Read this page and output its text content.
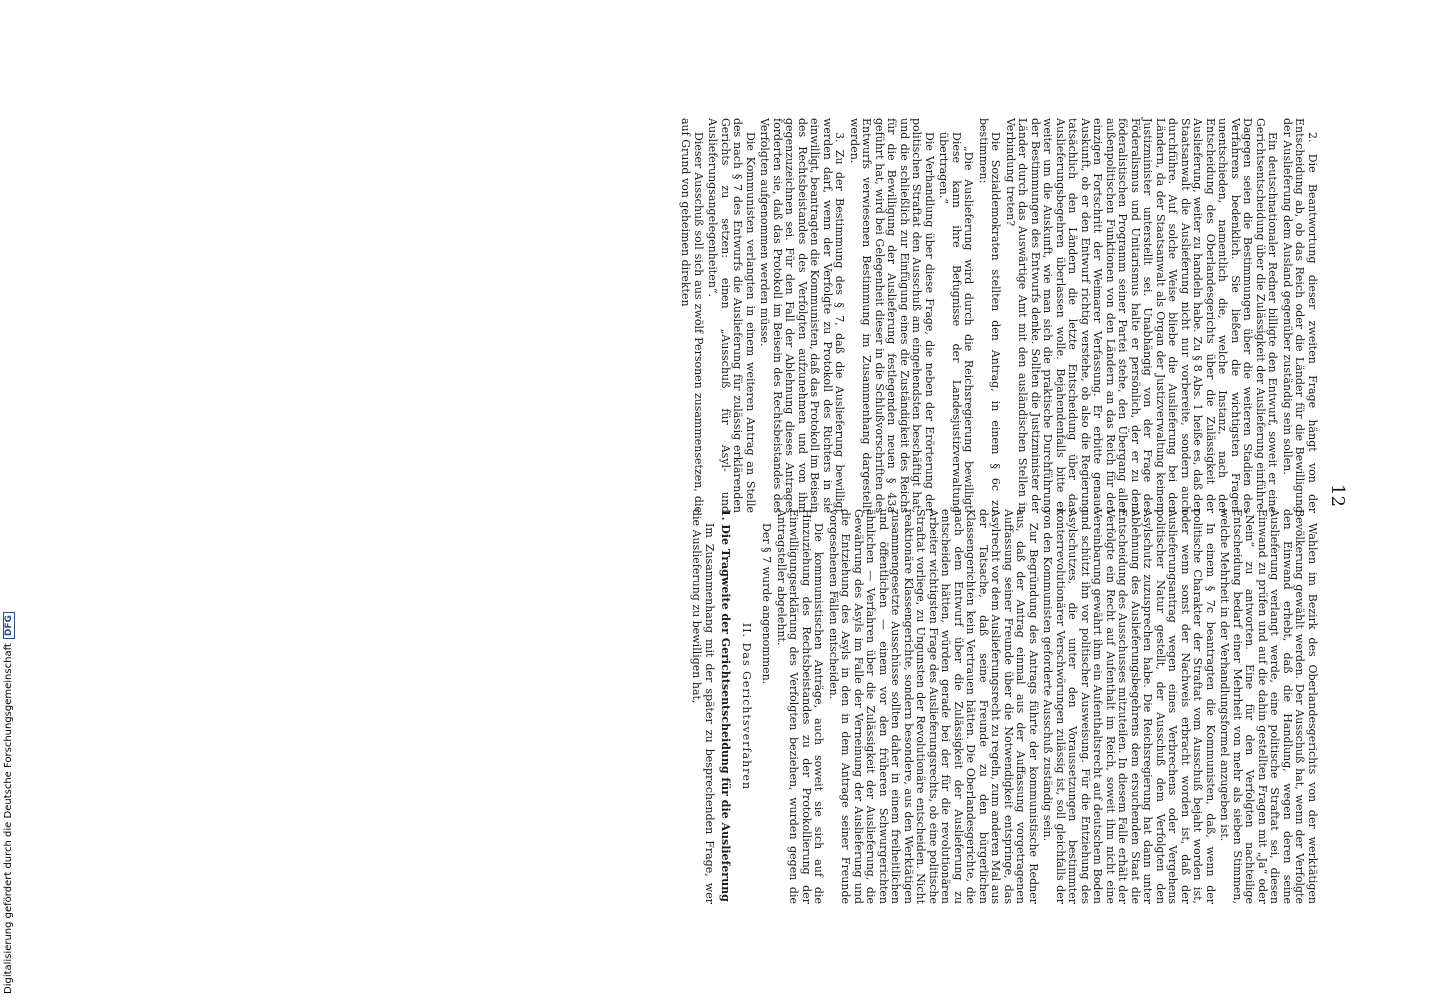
12

2. Die Beantwortung dieser zweiten Frage hängt von der Entscheidung ab, ob das Reich oder die Länder für die Bewilligung der Auslieferung dem Ausland gegenüber zuständig sein sollen.

Ein deutschnationaler Redner billigte den Entwurf, soweit er eine Gerichtsentscheidung über die Zulässigkeit der Auslieferung einführe. Dagegen seien die Bestimmungen über die weiteren Stadien des Verfahrens bedenklich. Sie ließen die wichtigsten Fragen unentschieden, namentlich die, welche Instanz, nach der Entscheidung des Oberlandesgerichts über die Zulässigkeit der Auslieferung, weiter zu handeln habe. Zu § 8 Abs. 1 heiße es, daß der Staatsanwalt die Auslieferung nicht nur vorbereite, sondern auch durchführe. Auf solche Weise bliebe die Auslieferung bei den Ländern, da der Staatsanwalt als Organ der Justizverwaltung keinem Justizminister unterstellt sei. Unabhängig von der Frage des Föderalismus und Unitarismus halte er persönlich, der er zu dem föderalistischen Programm seiner Partei stehe, den Übergang aller außenpolitischen Funktionen von den Ländern an das Reich für den einzigen Fortschritt der Weimarer Verfassung. Er erbitte genaue Auskunft, ob er den Entwurf richtig verstehe, ob also die Regierung tatsächlich den Ländern die letzte Entscheidung über das Auslieferungsbegehren überlassen wolle. Bejahendenfalls bitte er weiter um die Auskunft, wie man sich die praktische Durchführung der Bestimmungen des Entwurfs denke. Sollten die Justizminister der Länder durch das Auswärtige Amt mit den ausländischen Stellen in Verbindung treten?

Die Sozialdemokraten stellten den Antrag, in einem § 6c zu bestimmen:

„Die Auslieferung wird durch die Reichsregierung bewilligt. Diese kann ihre Befugnisse der Landesjustizverwaltung übertragen.“

Die Verhandlung über diese Frage, die neben der Erörterung der politischen Straftat den Ausschuß am eingehendsten beschäftigt hat, und die schließlich zur Einfügung eines die Zuständigkeit des Reichs für die Bewilligung der Auslieferung festlegenden neuen § 43a geführt hat, wird bei Gelegenheit dieser in die Schlußvorschriften des Entwurfs verwiesenen Bestimmung im Zusammenhang dargestellt werden.

3. Zu der Bestimmung des § 7, daß die Auslieferung bewilligt werden darf, wenn der Verfolgte zu Protokoll des Richters in sie einwilligt, beantragten die Kommunisten, daß das Protokoll im Beisein des Rechtsbeistandes des Verfolgten aufzunehmen und von ihm gegenzuzeichnen sei. Für den Fall der Ablehnung dieses Antrages forderten sie, daß das Protokoll im Beisein des Rechtsbeistandes des Verfolgten aufgenommen werden müsse.

Die Kommunisten verlangten in einem weiteren Antrag an Stelle des nach § 7 des Entwurfs die Auslieferung für zulässig erklärenden Gerichts zu setzen: einen „Ausschuß für Asyl- und Auslieferungsangelegenheiten“.

Dieser Ausschuß soll sich aus zwölf Personen zusammensetzen, die auf Grund von geheimen direkten

Wahlen im Bezirk des Oberlandesgerichts von der werktätigen Bevölkerung gewählt werden. Der Ausschuß hat, wenn der Verfolgte den Einwand erhebt, daß die Handlung, wegen deren seine Auslieferung verlangt werde, eine politische Straftat sei, diesen Einwand zu prüfen und auf die dahin gestellten Fragen mit „Ja“ oder „Nein“ zu antworten. Eine für den Verfolgten nachteilige Entscheidung bedarf einer Mehrheit von mehr als sieben Stimmen, welche Mehrheit in der Verhandlungsformel anzugeben ist.

In einem § 7c beantragten die Kommunisten, daß, wenn der politische Charakter der Straftat vom Ausschuß bejaht worden ist, oder wenn sonst der Nachweis erbracht worden ist, daß der Auslieferungsantrag wegen eines Verbrechens oder Vergehens politischer Natur gestellt, der Ausschuß dem Verfolgten den Asylschutz zuzusprechen habe. Die Reichsregierung hat dann unter Ablehnung des Auslieferungsbegehrens dem ersuchenden Staat die Entscheidung des Ausschusses mitzuteilen. In diesem Falle erhält der Verfolgte ein Recht auf Aufenthalt im Reich, soweit ihm nicht eine Vereinbarung gewährt ihm ein Aufenthaltsrecht auf deutschem Boden und schützt ihn vor politischer Ausweisung. Für die Entziehung des Asylschutzes, die unter den Voraussetzungen bestimmter konterrevolutionärer Verschwörungen zulässig ist, soll gleichfalls der von den Kommunisten geforderte Ausschuß zuständig sein.

Zur Begründung des Antrags führte der kommunistische Redner aus, daß der Antrag einmal aus der Auffassung vorgetragenen Auffassung seiner Freunde über die Notwendigkeit entspringe, das Asylrecht vor dem Auslieferungsrecht zu regeln, zum anderen Mal aus der Tatsache, daß seine Freunde zu den bürgerlichen Klassengerichten kein Vertrauen hätten. Die Oberlandesgerichte, die nach dem Entwurf über die Zulässigkeit der Auslieferung zu entscheiden hätten, würden gerade bei der für die revolutionären Arbeiter wichtigsten Frage des Auslieferungsrechts, ob eine politische Straftat vorliege, zu Ungunsten der Revolutionäre entscheiden. Nicht reaktionäre Klassengerichte, sondern besondere, aus den Werktätigen zusammengesetzte Ausschüsse sollten daher in einem freiheitlichen und öffentlichen — einem vor den früheren Schwurgerichten ähnlichen — Verfahren über die Zulässigkeit der Auslieferung, die Gewährung des Asyls im Falle der Verneinung der Auslieferung und die Entziehung des Asyls in den in dem Antrage seiner Freunde vorgesehenen Fällen entscheiden.

Die kommunistischen Anträge, auch soweit sie sich auf die Hinzuziehung des Rechtsbeistandes zu der Protokollierung der Einwilligungserklärung des Verfolgten beziehen, wurden gegen die Antragsteller abgelehnt.

Der § 7 wurde angenommen.

II. Das Gerichtsverfahren

1. Die Tragweite der Gerichtsentscheidung für die Auslieferung

Im Zusammenhang mit der später zu besprechenden Frage, wer die Auslieferung zu bewilligen hat,

Digitalisierung gefördert durch die Deutsche Forschungsgemeinschaft
DFG
